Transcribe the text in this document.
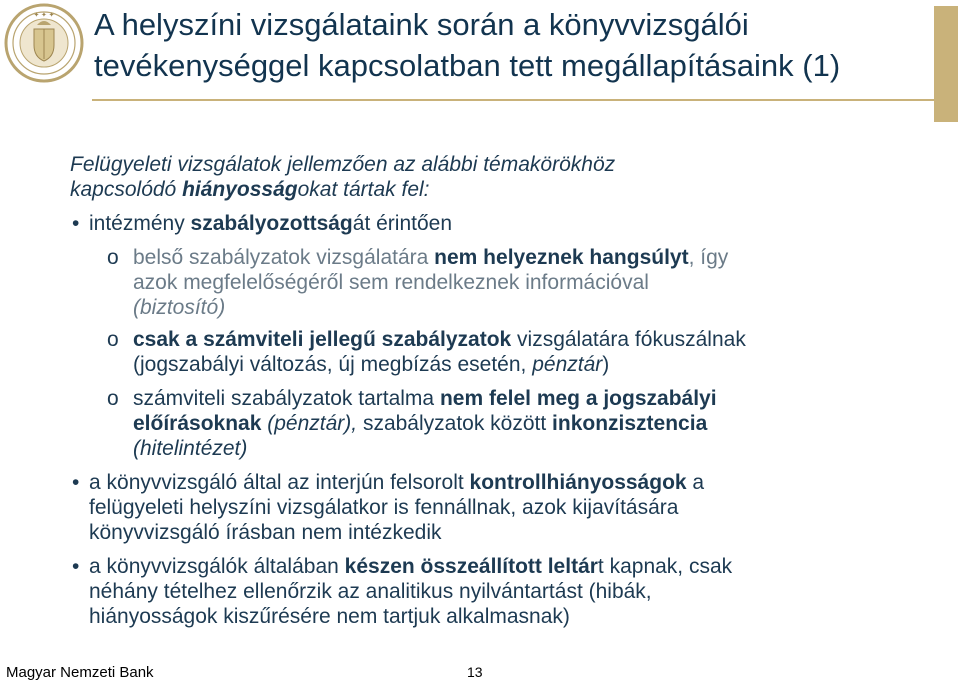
✦ ✦ ✦ A helyszíni vizsgálataink során a könyvvizsgálói
tevékenységgel kapcsolatban tett megállapításaink (1)
Felügyeleti vizsgálatok jellemzően az alábbi témakörökhöz
kapcsolódó hiányosságokat tártak fel:
• intézmény szabályozottságát érintően
o belső szabályzatok vizsgálatára nem helyeznek hangsúlyt, így
azok megfelelőségéről sem rendelkeznek információval
(biztosító)
o csak a számviteli jellegű szabályzatok vizsgálatára fókuszálnak
(jogszabályi változás, új megbízás esetén, pénztár)
o számviteli szabályzatok tartalma nem felel meg a jogszabályi
előírásoknak (pénztár), szabályzatok között inkonzisztencia
(hitelintézet)
• a könyvvizsgáló által az interjún felsorolt kontrollhiányosságok a
felügyeleti helyszíni vizsgálatkor is fennállnak, azok kijavítására
könyvvizsgáló írásban nem intézkedik
• a könyvvizsgálók általában készen összeállított leltárt kapnak, csak
néhány tételhez ellenőrzik az analitikus nyilvántartást (hibák,
hiányosságok kiszűrésére nem tartjuk alkalmasnak)
Magyar Nemzeti Bank	13
